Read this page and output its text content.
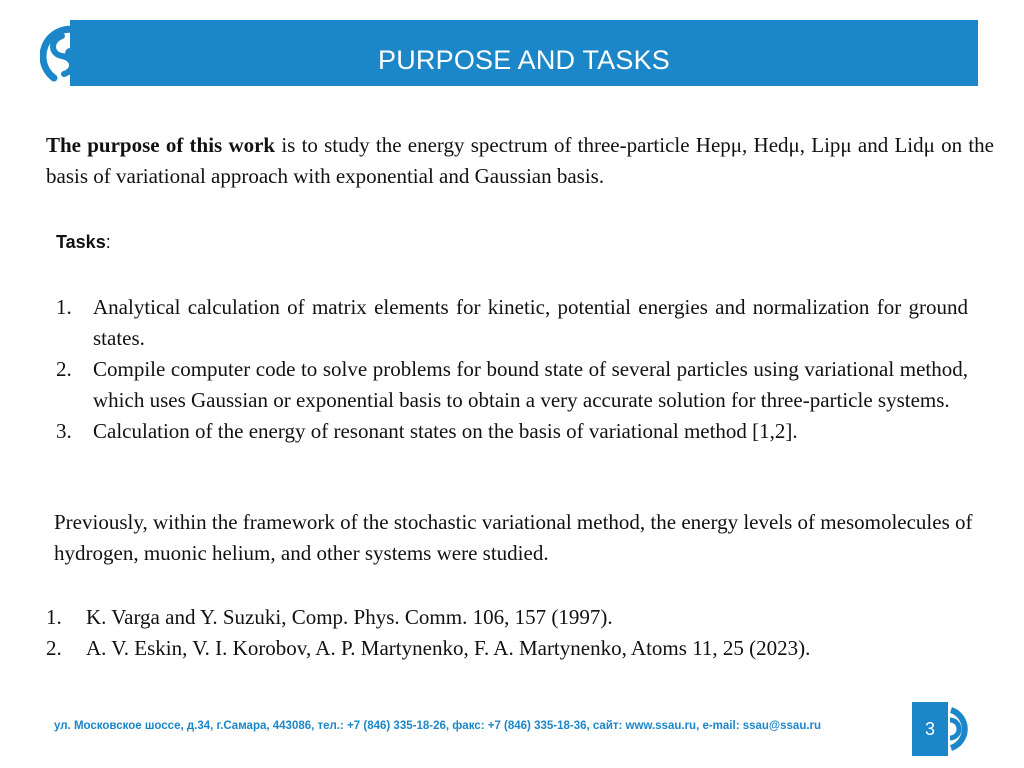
PURPOSE AND TASKS
The purpose of this work is to study the energy spectrum of three-particle Hepμ, Hedμ, Lipμ and Lidμ on the basis of variational approach with exponential and Gaussian basis.
Tasks:
1. Analytical calculation of matrix elements for kinetic, potential energies and normalization for ground states.
2. Compile computer code to solve problems for bound state of several particles using variational method, which uses Gaussian or exponential basis to obtain a very accurate solution for three-particle systems.
3. Calculation of the energy of resonant states on the basis of variational method [1,2].
Previously, within the framework of the stochastic variational method, the energy levels of mesomolecules of hydrogen, muonic helium, and other systems were studied.
1. K. Varga and Y. Suzuki, Comp. Phys. Comm. 106, 157 (1997).
2. A. V. Eskin, V. I. Korobov, A. P. Martynenko, F. A. Martynenko, Atoms 11, 25 (2023).
ул. Московское шоссе, д.34, г.Самара, 443086, тел.: +7 (846) 335-18-26, факс: +7 (846) 335-18-36, сайт: www.ssau.ru, e-mail: ssau@ssau.ru	3
